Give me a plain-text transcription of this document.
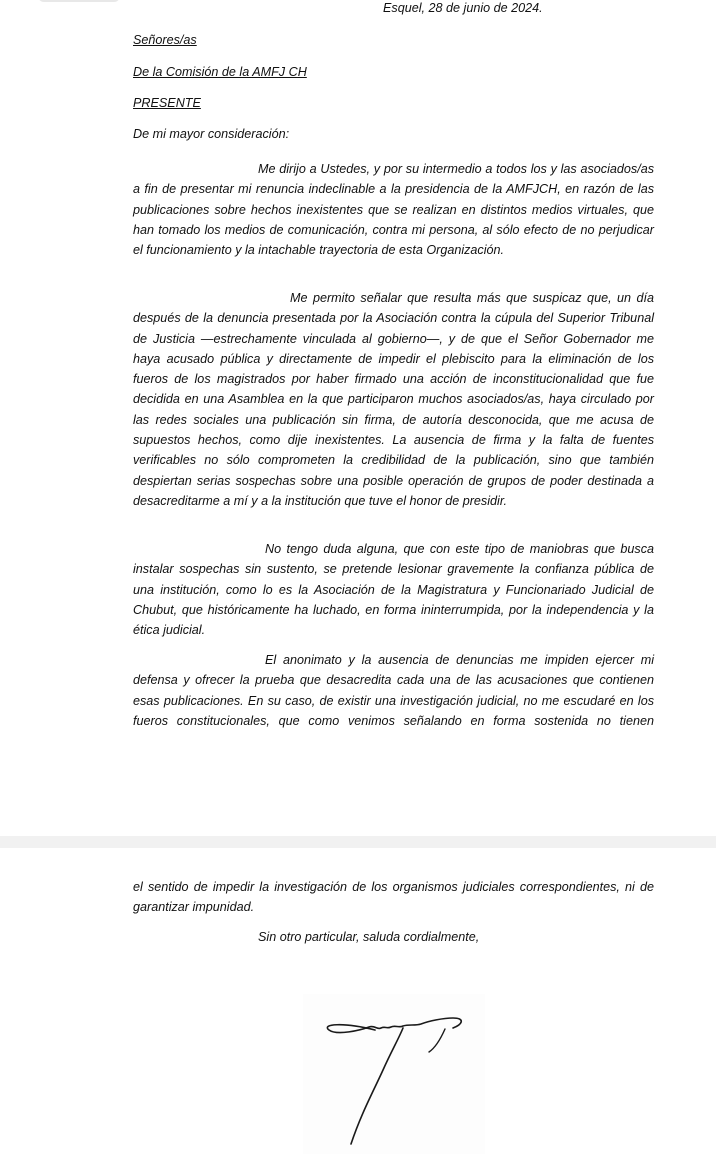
Esquel, 28 de junio de 2024.
Señores/as
De la Comisión de la AMFJ CH
PRESENTE
De mi mayor consideración:

Me dirijo a Ustedes, y por su intermedio a todos los y las asociados/as a fin de presentar mi renuncia indeclinable a la presidencia de la AMFJCH, en razón de las publicaciones sobre hechos inexistentes que se realizan en distintos medios virtuales, que han tomado los medios de comunicación, contra mi persona, al sólo efecto de no perjudicar el funcionamiento y la intachable trayectoria de esta Organización.

Me permito señalar que resulta más que suspicaz que, un día después de la denuncia presentada por la Asociación contra la cúpula del Superior Tribunal de Justicia —estrechamente vinculada al gobierno—, y de que el Señor Gobernador me haya acusado pública y directamente de impedir el plebiscito para la eliminación de los fueros de los magistrados por haber firmado una acción de inconstitucionalidad que fue decidida en una Asamblea en la que participaron muchos asociados/as, haya circulado por las redes sociales una publicación sin firma, de autoría desconocida, que me acusa de supuestos hechos, como dije inexistentes. La ausencia de firma y la falta de fuentes verificables no sólo comprometen la credibilidad de la publicación, sino que también despiertan serias sospechas sobre una posible operación de grupos de poder destinada a desacreditarme a mí y a la institución que tuve el honor de presidir.

No tengo duda alguna, que con este tipo de maniobras que busca instalar sospechas sin sustento, se pretende lesionar gravemente la confianza pública de una institución, como lo es la Asociación de la Magistratura y Funcionariado Judicial de Chubut, que históricamente ha luchado, en forma ininterrumpida, por la independencia y la ética judicial.

El anonimato y la ausencia de denuncias me impiden ejercer mi defensa y ofrecer la prueba que desacredita cada una de las acusaciones que contienen esas publicaciones. En su caso, de existir una investigación judicial, no me escudaré en los fueros constitucionales, que como venimos señalando en forma sostenida no tienen

el sentido de impedir la investigación de los organismos judiciales correspondientes, ni de garantizar impunidad.

Sin otro particular, saluda cordialmente,
